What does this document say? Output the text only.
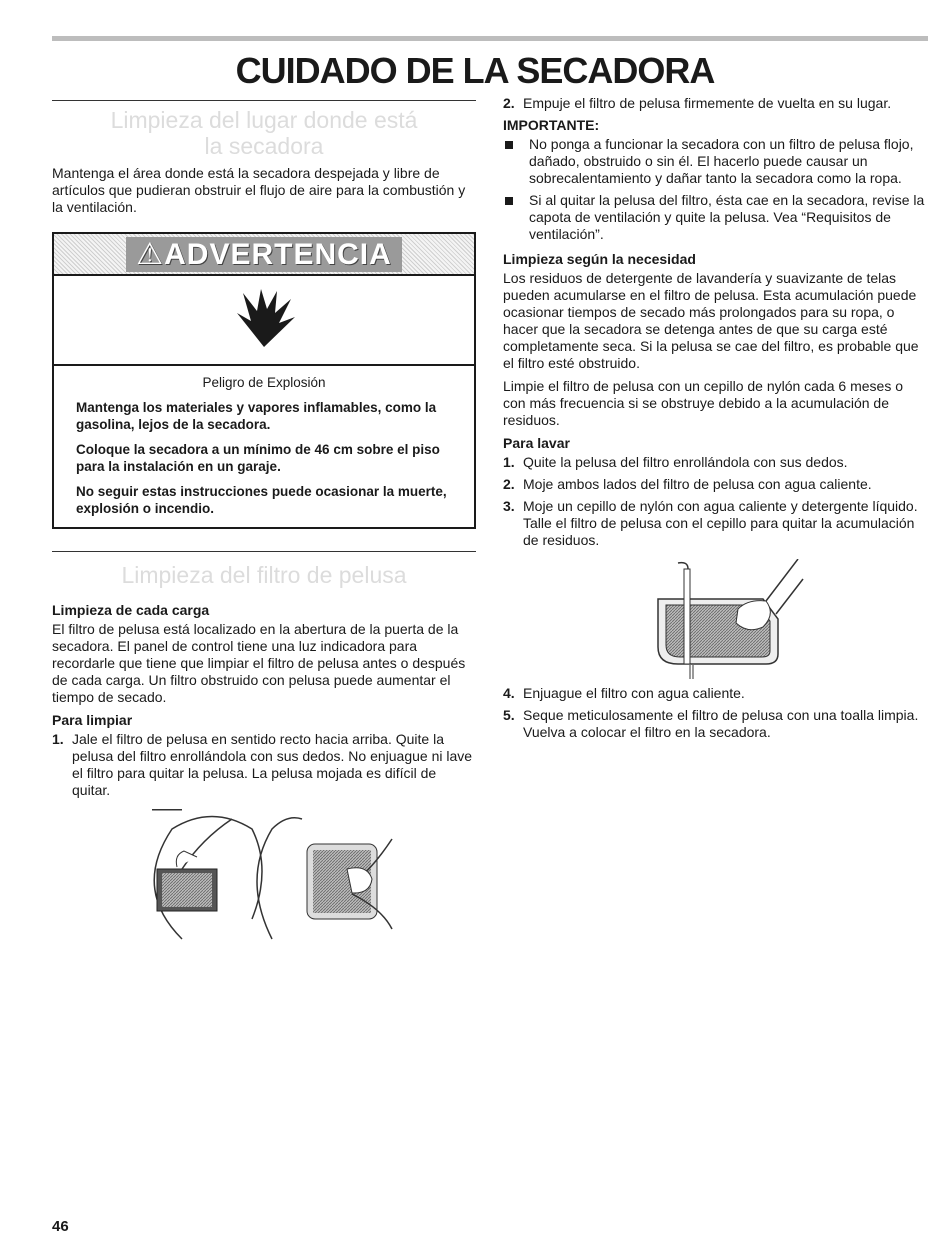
CUIDADO DE LA SECADORA
Limpieza del lugar donde está
la secadora

Mantenga el área donde está la secadora despejada y libre de artículos que pudieran obstruir el flujo de aire para la combustión y la ventilación.

⚠ADVERTENCIA

Peligro de Explosión

Mantenga los materiales y vapores inflamables, como la gasolina, lejos de la secadora.

Coloque la secadora a un mínimo de 46 cm sobre el piso para la instalación en un garaje.

No seguir estas instrucciones puede ocasionar la muerte, explosión o incendio.

Limpieza del filtro de pelusa
Limpieza de cada carga

El filtro de pelusa está localizado en la abertura de la puerta de la secadora. El panel de control tiene una luz indicadora para recordarle que tiene que limpiar el filtro de pelusa antes o después de cada carga. Un filtro obstruido con pelusa puede aumentar el tiempo de secado.

Para limpiar
1. Jale el filtro de pelusa en sentido recto hacia arriba. Quite la pelusa del filtro enrollándola con sus dedos. No enjuague ni lave el filtro para quitar la pelusa. La pelusa mojada es difícil de quitar.
2. Empuje el filtro de pelusa firmemente de vuelta en su lugar.
IMPORTANTE:
No ponga a funcionar la secadora con un filtro de pelusa flojo, dañado, obstruido o sin él. El hacerlo puede causar un sobrecalentamiento y dañar tanto la secadora como la ropa.
Si al quitar la pelusa del filtro, ésta cae en la secadora, revise la capota de ventilación y quite la pelusa. Vea “Requisitos de ventilación”.
Limpieza según la necesidad

Los residuos de detergente de lavandería y suavizante de telas pueden acumularse en el filtro de pelusa. Esta acumulación puede ocasionar tiempos de secado más prolongados para su ropa, o hacer que la secadora se detenga antes de que su carga esté completamente seca. Si la pelusa se cae del filtro, es probable que el filtro esté obstruido.

Limpie el filtro de pelusa con un cepillo de nylón cada 6 meses o con más frecuencia si se obstruye debido a la acumulación de residuos.

Para lavar
1. Quite la pelusa del filtro enrollándola con sus dedos.
2. Moje ambos lados del filtro de pelusa con agua caliente.
3. Moje un cepillo de nylón con agua caliente y detergente líquido. Talle el filtro de pelusa con el cepillo para quitar la acumulación de residuos.
4. Enjuague el filtro con agua caliente.
5. Seque meticulosamente el filtro de pelusa con una toalla limpia. Vuelva a colocar el filtro en la secadora.
46
